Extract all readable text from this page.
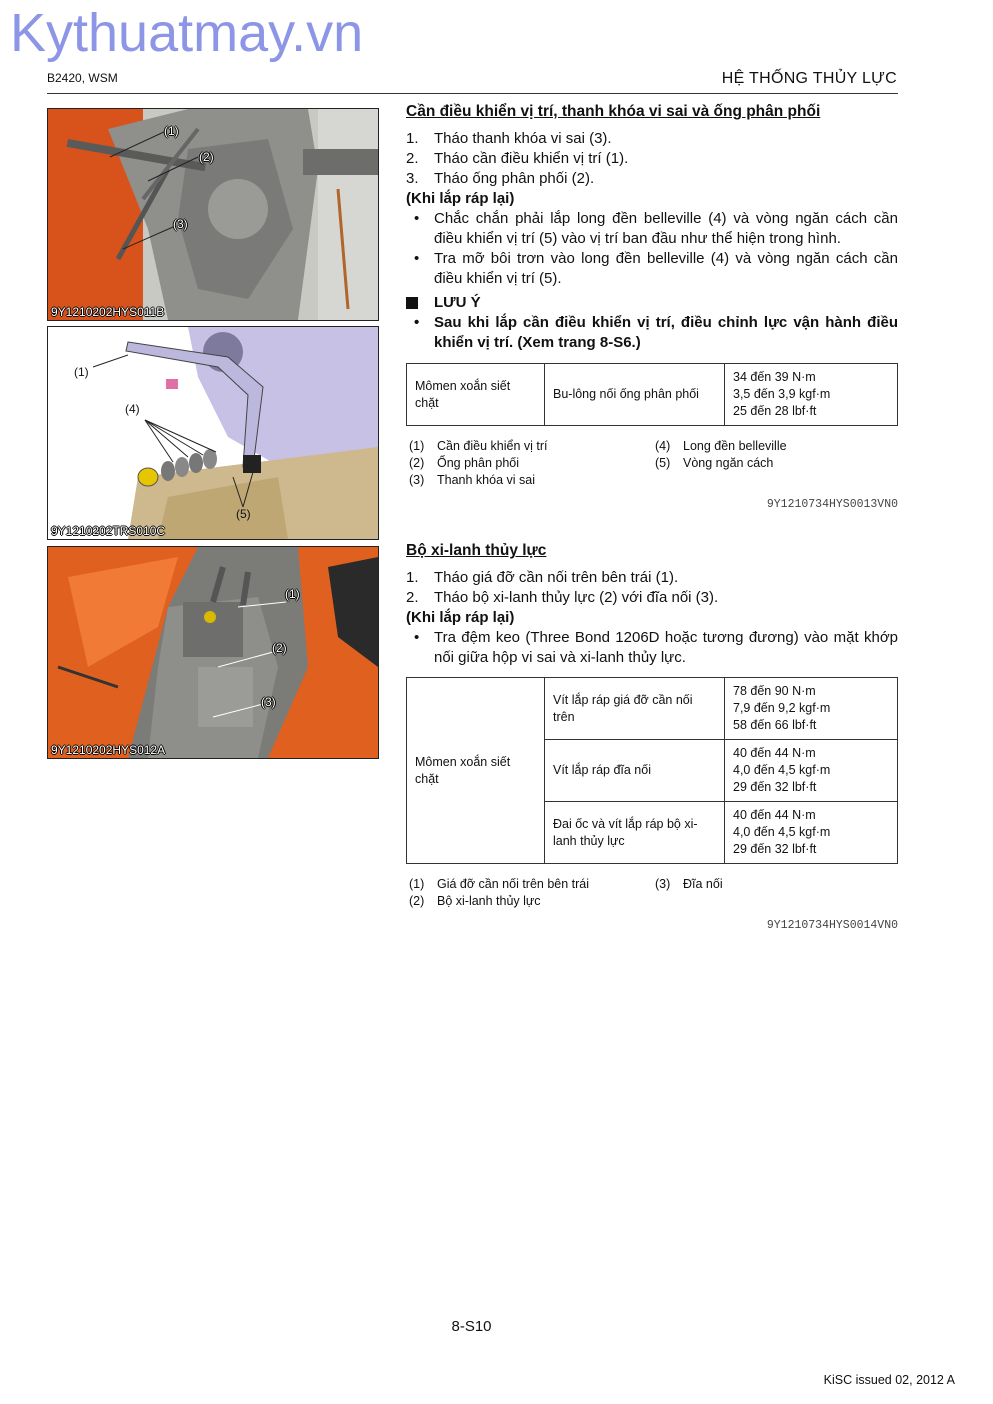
Kythuatmay.vn
B2420, WSM	HỆ THỐNG THỦY LỰC
(1)
(2)
(3)
9Y1210202HYS011B
(1)
(4)
(5)
9Y1210202TRS010C
(1)
(2)
(3)
9Y1210202HYS012A
Cần điều khiển vị trí, thanh khóa vi sai và ống phân phối
1.	Tháo thanh khóa vi sai (3).
2.	Tháo cần điều khiển vị trí (1).
3.	Tháo ống phân phối (2).
(Khi lắp ráp lại)
• Chắc chắn phải lắp long đền belleville (4) và vòng ngăn cách cần điều khiển vị trí (5) vào vị trí ban đầu như thể hiện trong hình.
• Tra mỡ bôi trơn vào long đền belleville (4) và vòng ngăn cách cần điều khiển vị trí (5).
LƯU Ý
• Sau khi lắp cần điều khiển vị trí, điều chỉnh lực vận hành điều khiển vị trí. (Xem trang 8-S6.)
Mômen xoắn siết chặt	Bu-lông nối ống phân phối	
34 đến 39 N·m
3,5 đến 3,9 kgf·m
25 đến 28 lbf·ft
(1)	Cần điều khiển vị trí	(4)	Long đền belleville
(2)	Ống phân phối	(5)	Vòng ngăn cách
(3)	Thanh khóa vi sai
9Y1210734HYS0013VN0
Bộ xi-lanh thủy lực
1.	Tháo giá đỡ cần nối trên bên trái (1).
2.	Tháo bộ xi-lanh thủy lực (2) với đĩa nối (3).
(Khi lắp ráp lại)
• Tra đệm keo (Three Bond 1206D hoặc tương đương) vào mặt khớp nối giữa hộp vi sai và xi-lanh thủy lực.
Mômen xoắn siết chặt	Vít lắp ráp giá đỡ cần nối trên	78 đến 90 N·m
7,9 đến 9,2 kgf·m
58 đến 66 lbf·ft

	Vít lắp ráp đĩa nối	40 đến 44 N·m
4,0 đến 4,5 kgf·m
29 đến 32 lbf·ft

	Đai ốc và vít lắp ráp bộ xi-lanh thủy lực	40 đến 44 N·m
4,0 đến 4,5 kgf·m
29 đến 32 lbf·ft
(1)	Giá đỡ cần nối trên bên trái	(3)	Đĩa nối
(2)	Bộ xi-lanh thủy lực
9Y1210734HYS0014VN0
8-S10
KiSC issued 02, 2012 A
